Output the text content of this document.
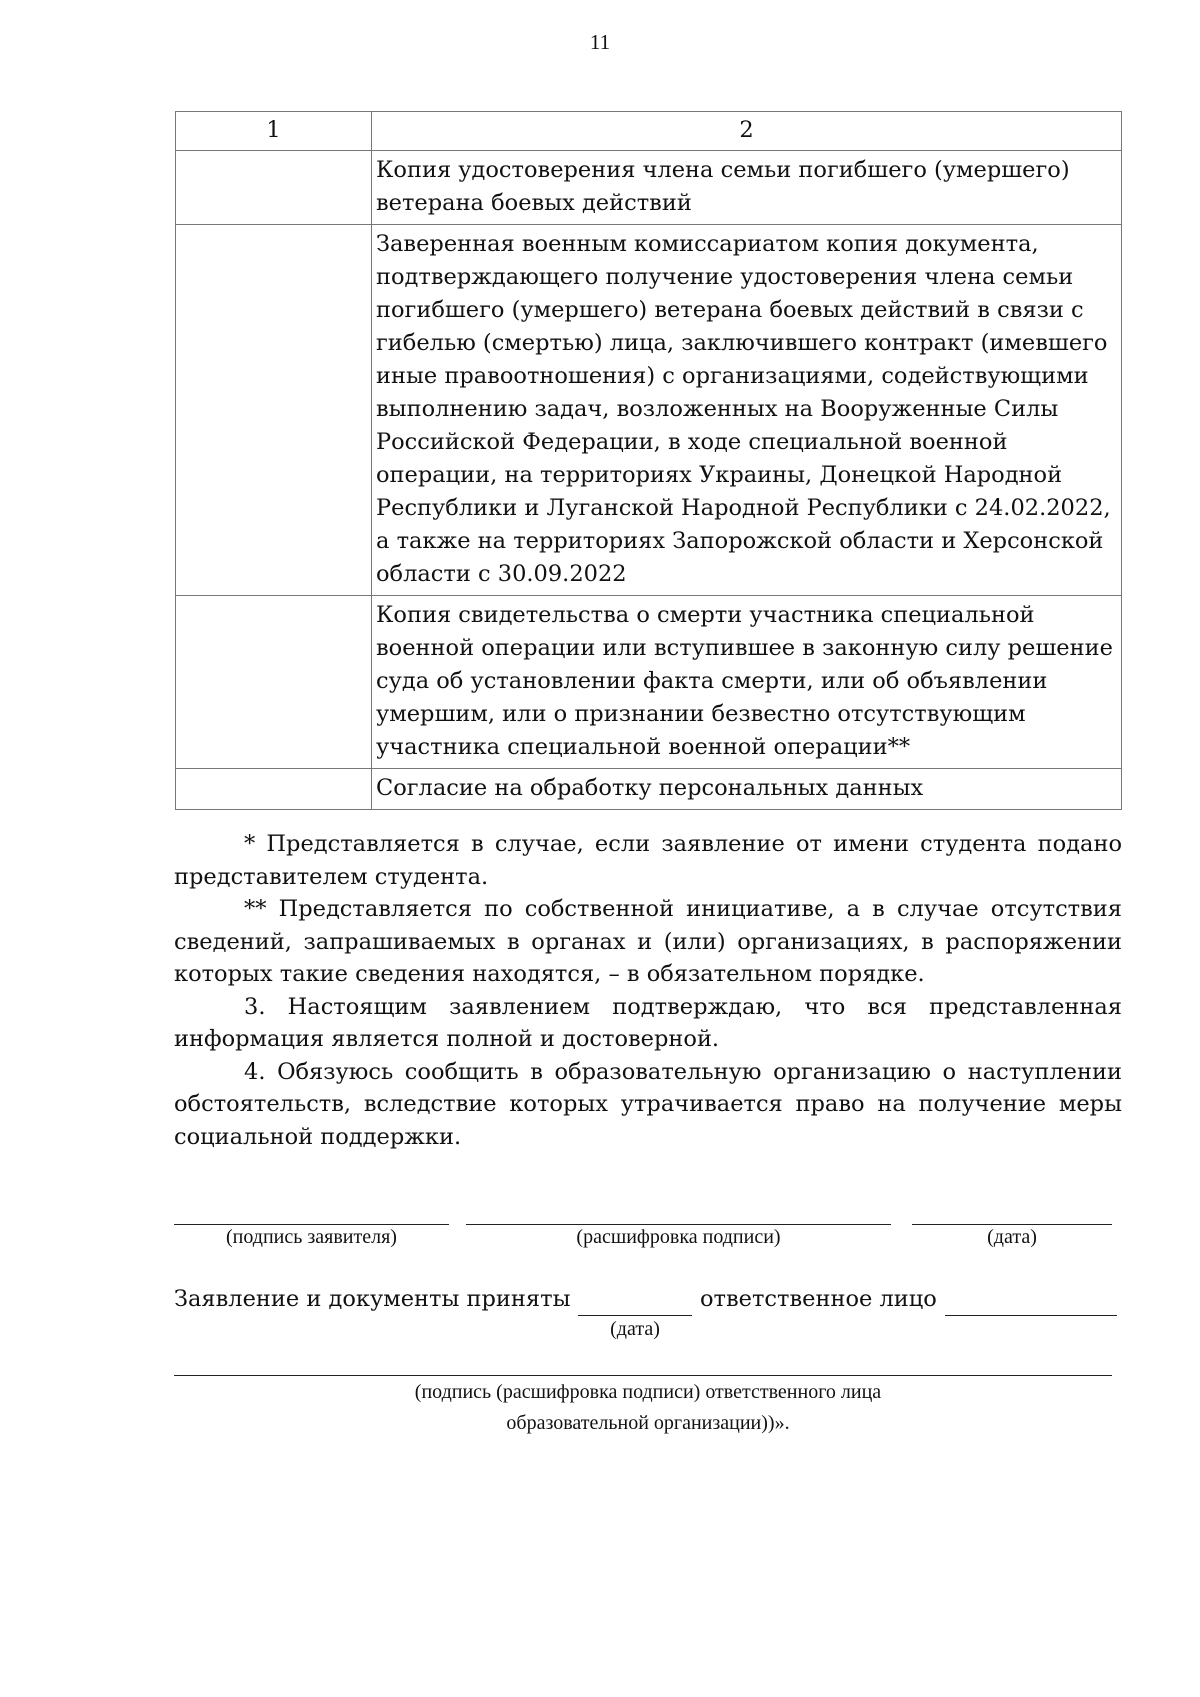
11
1	2
	Копия удостоверения члена семьи погибшего (умершего) ветерана боевых действий
	Заверенная военным комиссариатом копия документа, подтверждающего получение удостоверения члена семьи погибшего (умершего) ветерана боевых действий в связи с гибелью (смертью) лица, заключившего контракт (имевшего иные правоотношения) с организациями, содействующими выполнению задач, возложенных на Вооруженные Силы Российской Федерации, в ходе специальной военной операции, на территориях Украины, Донецкой Народной Республики и Луганской Народной Республики с 24.02.2022, а также на территориях Запорожской области и Херсонской области с 30.09.2022
	Копия свидетельства о смерти участника специальной военной операции или вступившее в законную силу решение суда об установлении факта смерти, или об объявлении умершим, или о признании безвестно отсутствующим участника специальной военной операции**
	Согласие на обработку персональных данных

* Представляется в случае, если заявление от имени студента подано представителем студента.

** Представляется по собственной инициативе, а в случае отсутствия сведений, запрашиваемых в органах и (или) организациях, в распоряжении которых такие сведения находятся, – в обязательном порядке.

3. Настоящим заявлением подтверждаю, что вся представленная информация является полной и достоверной.

4. Обязуюсь сообщить в образовательную организацию о наступлении обстоятельств, вследствие которых утрачивается право на получение меры социальной поддержки.

(подпись заявителя)	(расшифровка подписи)	(дата)
Заявление и документы приняты	ответственное лицо
(дата)
(подпись (расшифровка подписи) ответственного лица
образовательной организации))».
